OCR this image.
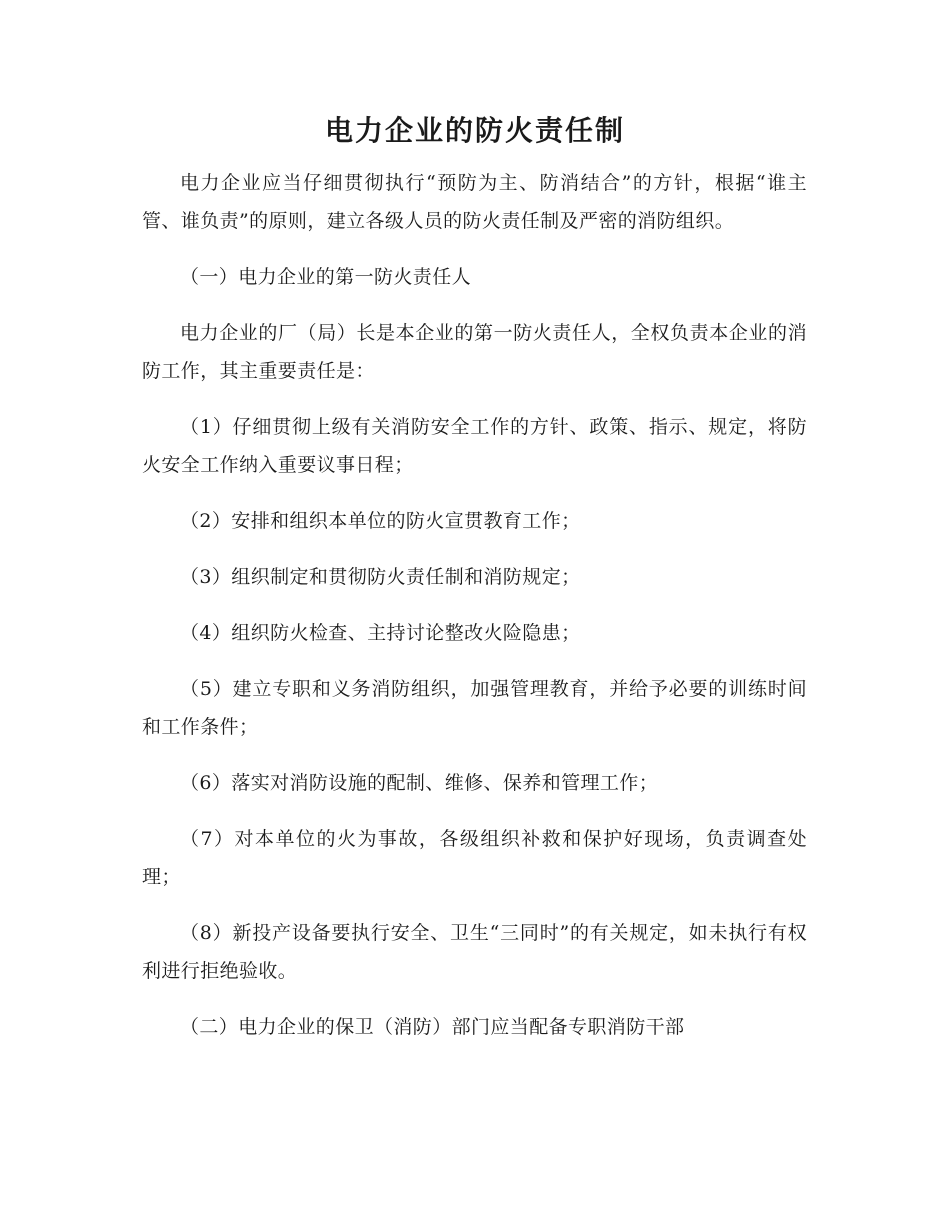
电力企业的防火责任制

电力企业应当仔细贯彻执行“预防为主、防消结合”的方针，根据“谁主管、谁负责”的原则，建立各级人员的防火责任制及严密的消防组织。

（一）电力企业的第一防火责任人

电力企业的厂（局）长是本企业的第一防火责任人，全权负责本企业的消防工作，其主重要责任是：

（1）仔细贯彻上级有关消防安全工作的方针、政策、指示、规定，将防火安全工作纳入重要议事日程；

（2）安排和组织本单位的防火宣贯教育工作；

（3）组织制定和贯彻防火责任制和消防规定；

（4）组织防火检查、主持讨论整改火险隐患；

（5）建立专职和义务消防组织，加强管理教育，并给予必要的训练时间和工作条件；

（6）落实对消防设施的配制、维修、保养和管理工作；

（7）对本单位的火为事故，各级组织补救和保护好现场，负责调查处理；

（8）新投产设备要执行安全、卫生“三同时”的有关规定，如未执行有权利进行拒绝验收。

（二）电力企业的保卫（消防）部门应当配备专职消防干部
